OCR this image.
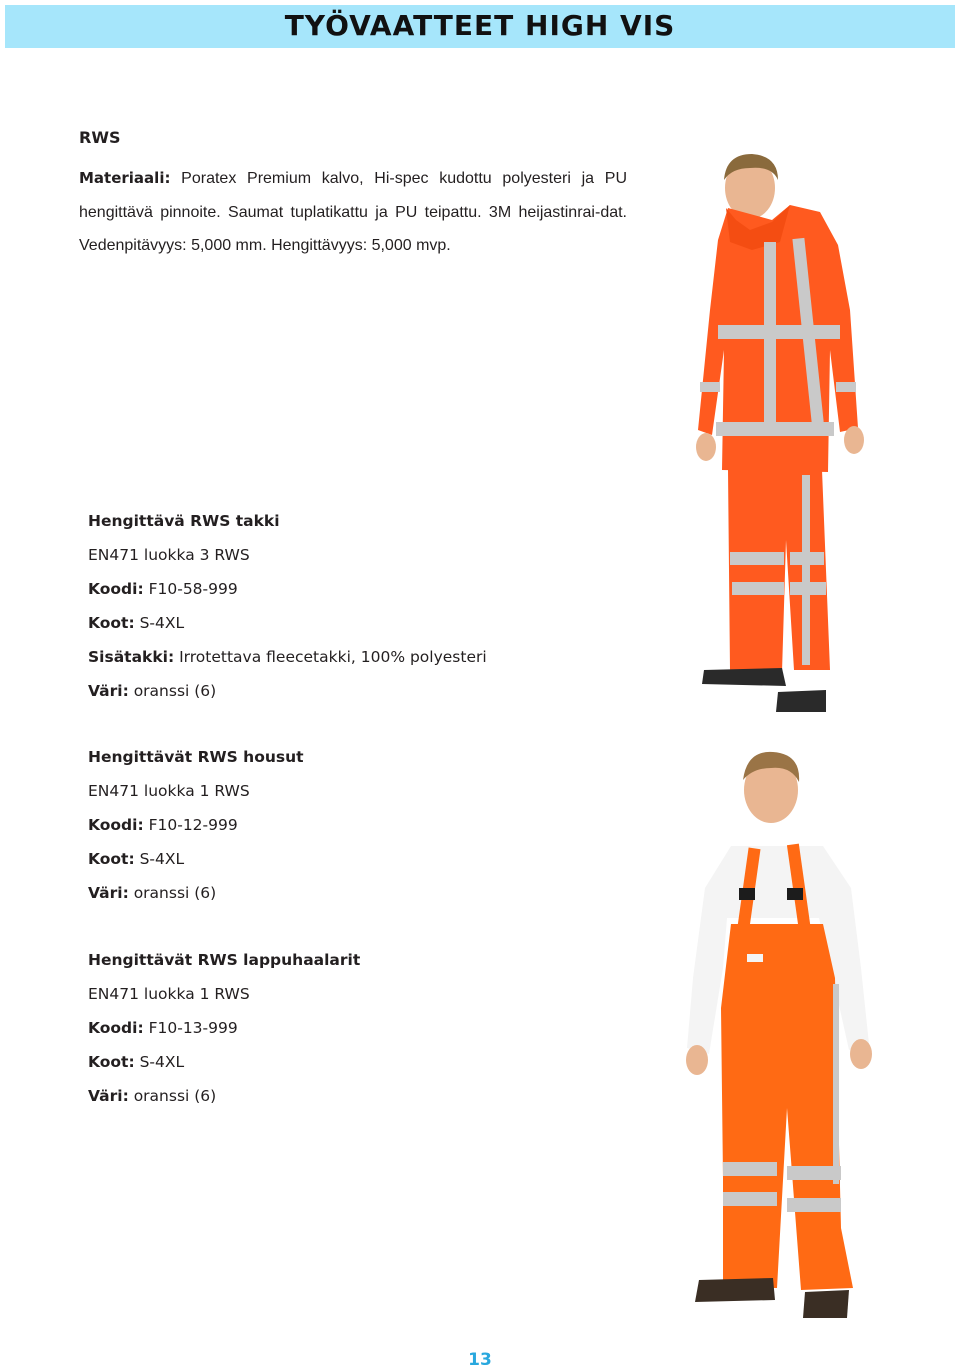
TYÖVAATTEET HIGH VIS
RWS

Materiaali: Poratex Premium kalvo, Hi-spec kudottu polyesteri ja PU hengittävä pinnoite. Saumat tuplatikattu ja PU teipattu. 3M heijastinrai-dat. Vedenpitävyys: 5,000 mm. Hengittävyys: 5,000 mvp.

Hengittävä RWS takki
EN471 luokka 3 RWS
Koodi: F10-58-999
Koot: S-4XL
Sisätakki: Irrotettava fleecetakki, 100% polyesteri
Väri: oranssi (6)
Hengittävät RWS housut
EN471 luokka 1 RWS
Koodi: F10-12-999
Koot: S-4XL
Väri: oranssi (6)
Hengittävät RWS lappuhaalarit
EN471 luokka 1 RWS
Koodi: F10-13-999
Koot: S-4XL
Väri: oranssi (6)
13
